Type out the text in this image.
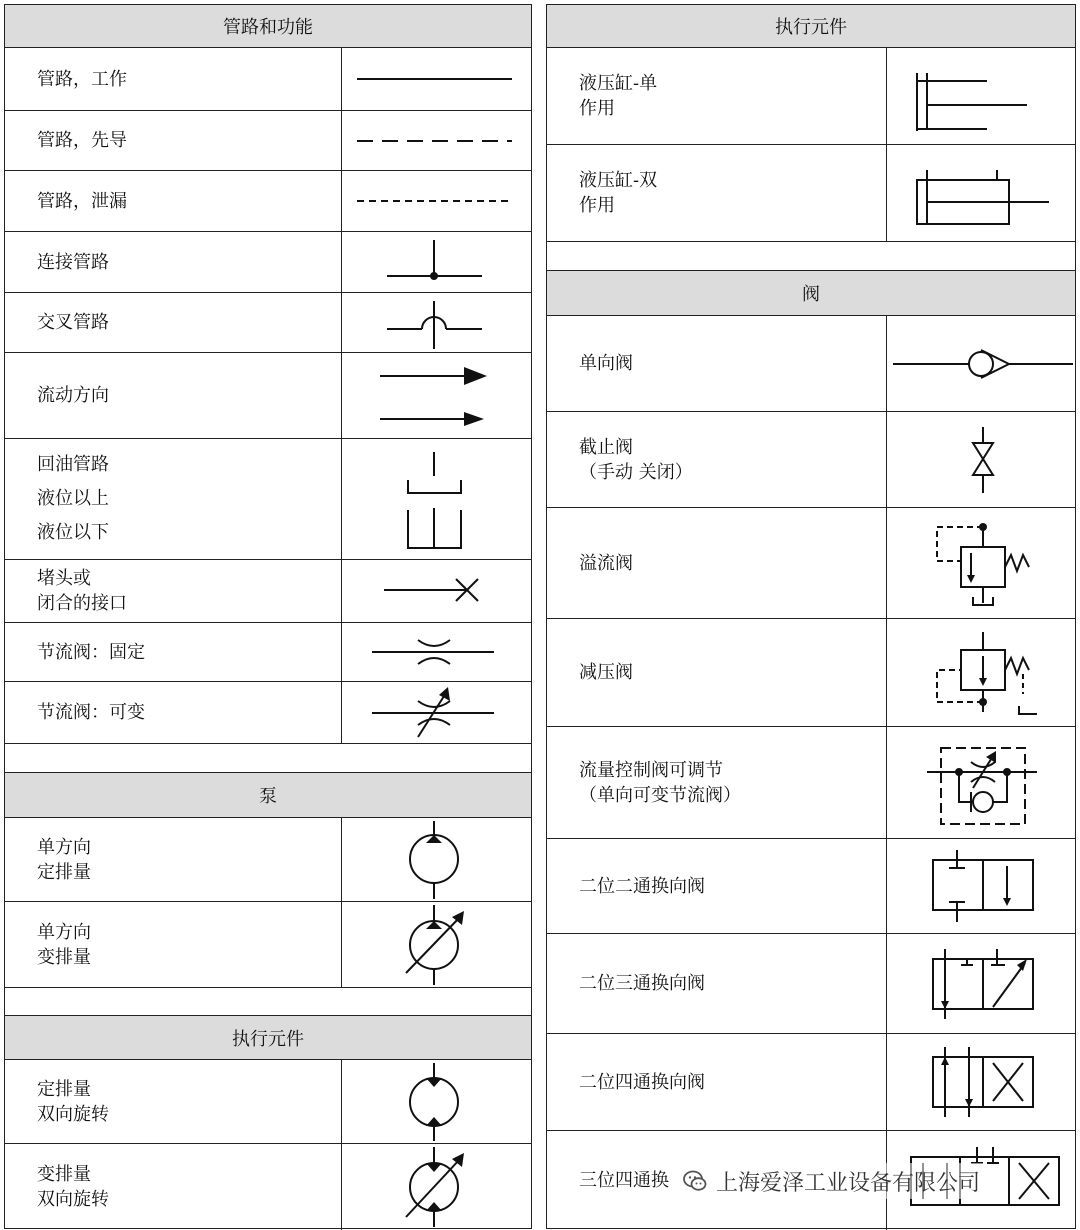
管路和功能
管路，工作
管路，先导
管路，泄漏
连接管路
交叉管路
流动方向
回油管路
液位以上
液位以下
堵头或
闭合的接口
节流阀：固定
节流阀：可变
泵
单方向
定排量
单方向
变排量
执行元件
定排量
双向旋转
变排量
双向旋转
执行元件
液压缸-单
作用
液压缸-双
作用
阀
单向阀
截止阀
（手动 关闭）
溢流阀
减压阀
流量控制阀可调节
（单向可变节流阀）
二位二通换向阀
二位三通换向阀
二位四通换向阀
三位四通换	上海爱泽工业设备有限公司
